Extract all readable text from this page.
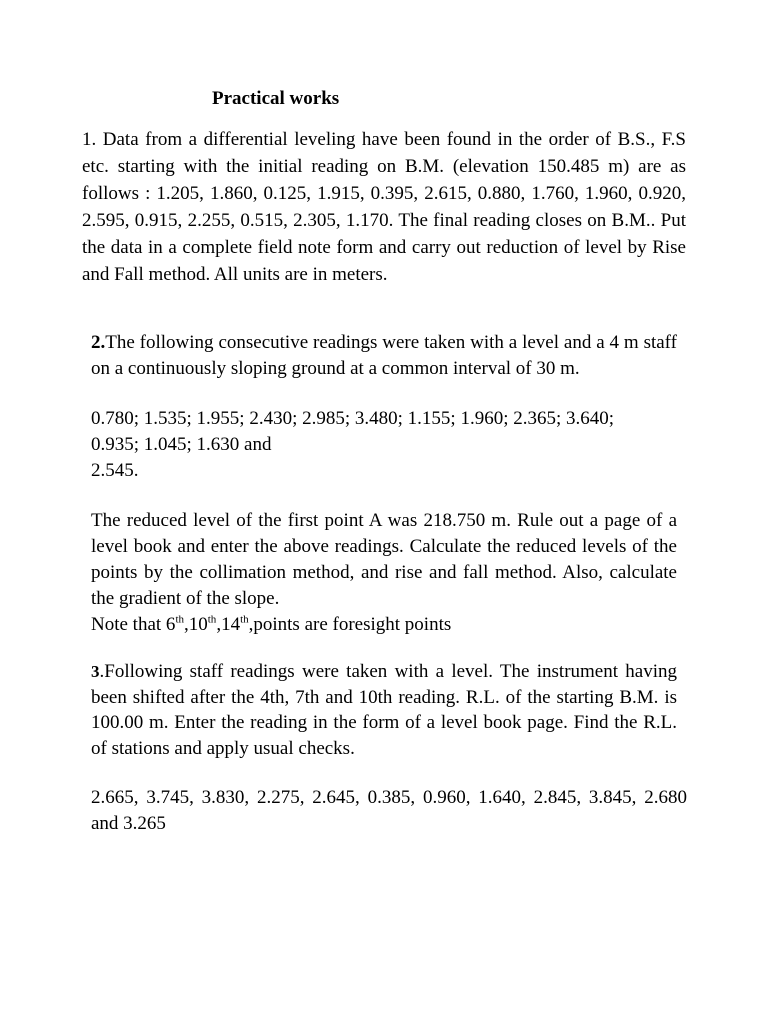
Practical works

1. Data from a differential leveling have been found in the order of B.S., F.S etc. starting with the initial reading on B.M. (elevation 150.485 m) are as follows : 1.205, 1.860, 0.125, 1.915, 0.395, 2.615, 0.880, 1.760, 1.960, 0.920, 2.595, 0.915, 2.255, 0.515, 2.305, 1.170. The final reading closes on B.M.. Put the data in a complete field note form and carry out reduction of level by Rise and Fall method. All units are in meters.

2.The following consecutive readings were taken with a level and a 4 m staff on a continuously sloping ground at a common interval of 30 m.

0.780; 1.535; 1.955; 2.430; 2.985; 3.480; 1.155; 1.960; 2.365; 3.640;
0.935; 1.045; 1.630 and
2.545.

The reduced level of the first point A was 218.750 m. Rule out a page of a level book and enter the above readings. Calculate the reduced levels of the points by the collimation method, and rise and fall method. Also, calculate the gradient of the slope.

Note that 6th,10th,14th,points are foresight points

3.Following staff readings were taken with a level. The instrument having been shifted after the 4th, 7th and 10th reading. R.L. of the starting B.M. is 100.00 m. Enter the reading in the form of a level book page. Find the R.L. of stations and apply usual checks.

2.665, 3.745, 3.830, 2.275, 2.645, 0.385, 0.960, 1.640, 2.845, 3.845, 2.680 and 3.265
